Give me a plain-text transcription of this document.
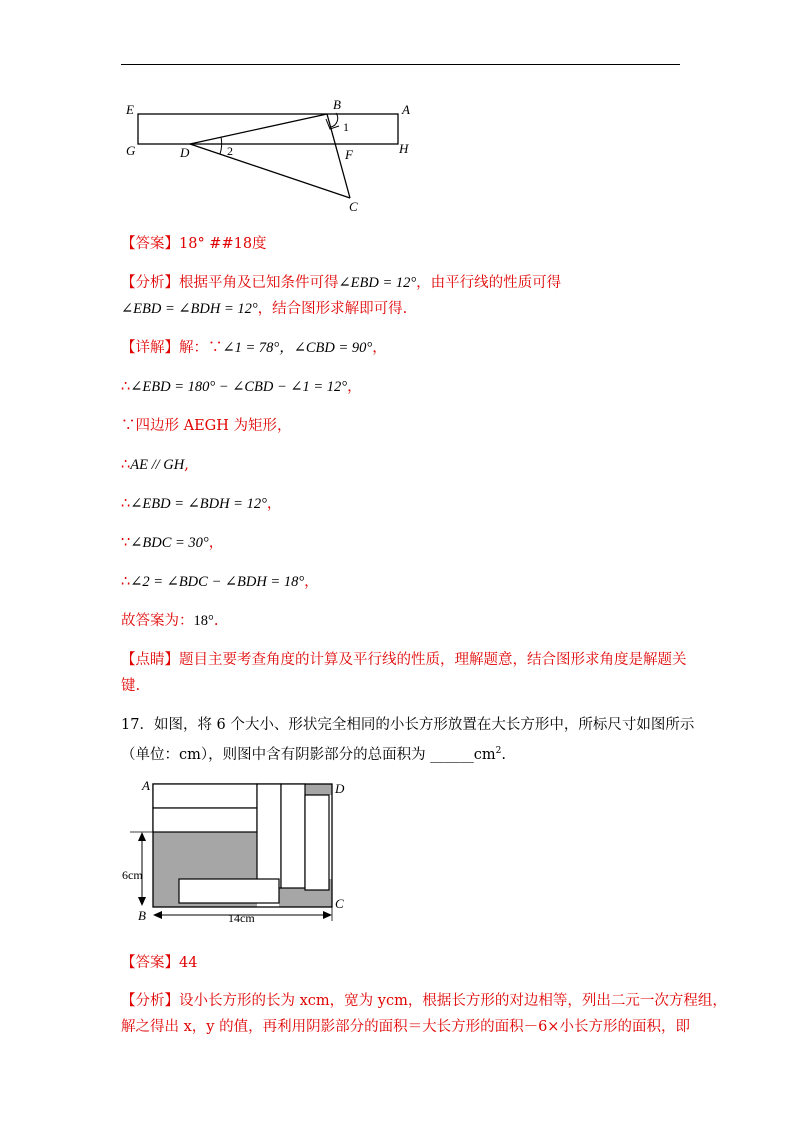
E	B	A
1
G	D	2	F	H
C
【答案】18° ##18度
【分析】根据平角及已知条件可得∠EBD = 12°，由平行线的性质可得
∠EBD = ∠BDH = 12°，结合图形求解即可得.
【详解】解：∵∠1 = 78°，∠CBD = 90°，
∴∠EBD = 180° − ∠CBD − ∠1 = 12°，
∵四边形 AEGH 为矩形，
∴AE // GH,
∴∠EBD = ∠BDH = 12°，
∵∠BDC = 30°，
∴∠2 = ∠BDC − ∠BDH = 18°，
故答案为：18°.
【点睛】题目主要考查角度的计算及平行线的性质，理解题意，结合图形求角度是解题关
键.
17．如图，将 6 个大小、形状完全相同的小长方形放置在大长方形中，所标尺寸如图所示
（单位：cm），则图中含有阴影部分的总面积为 $\_\_\_\_\_\_cm^2$.
A	D
6cm
B
C
14cm
【答案】44
【分析】设小长方形的长为 xcm，宽为 ycm，根据长方形的对边相等，列出二元一次方程组，
解之得出 x，y 的值，再利用阴影部分的面积＝大长方形的面积－6×小长方形的面积，即
